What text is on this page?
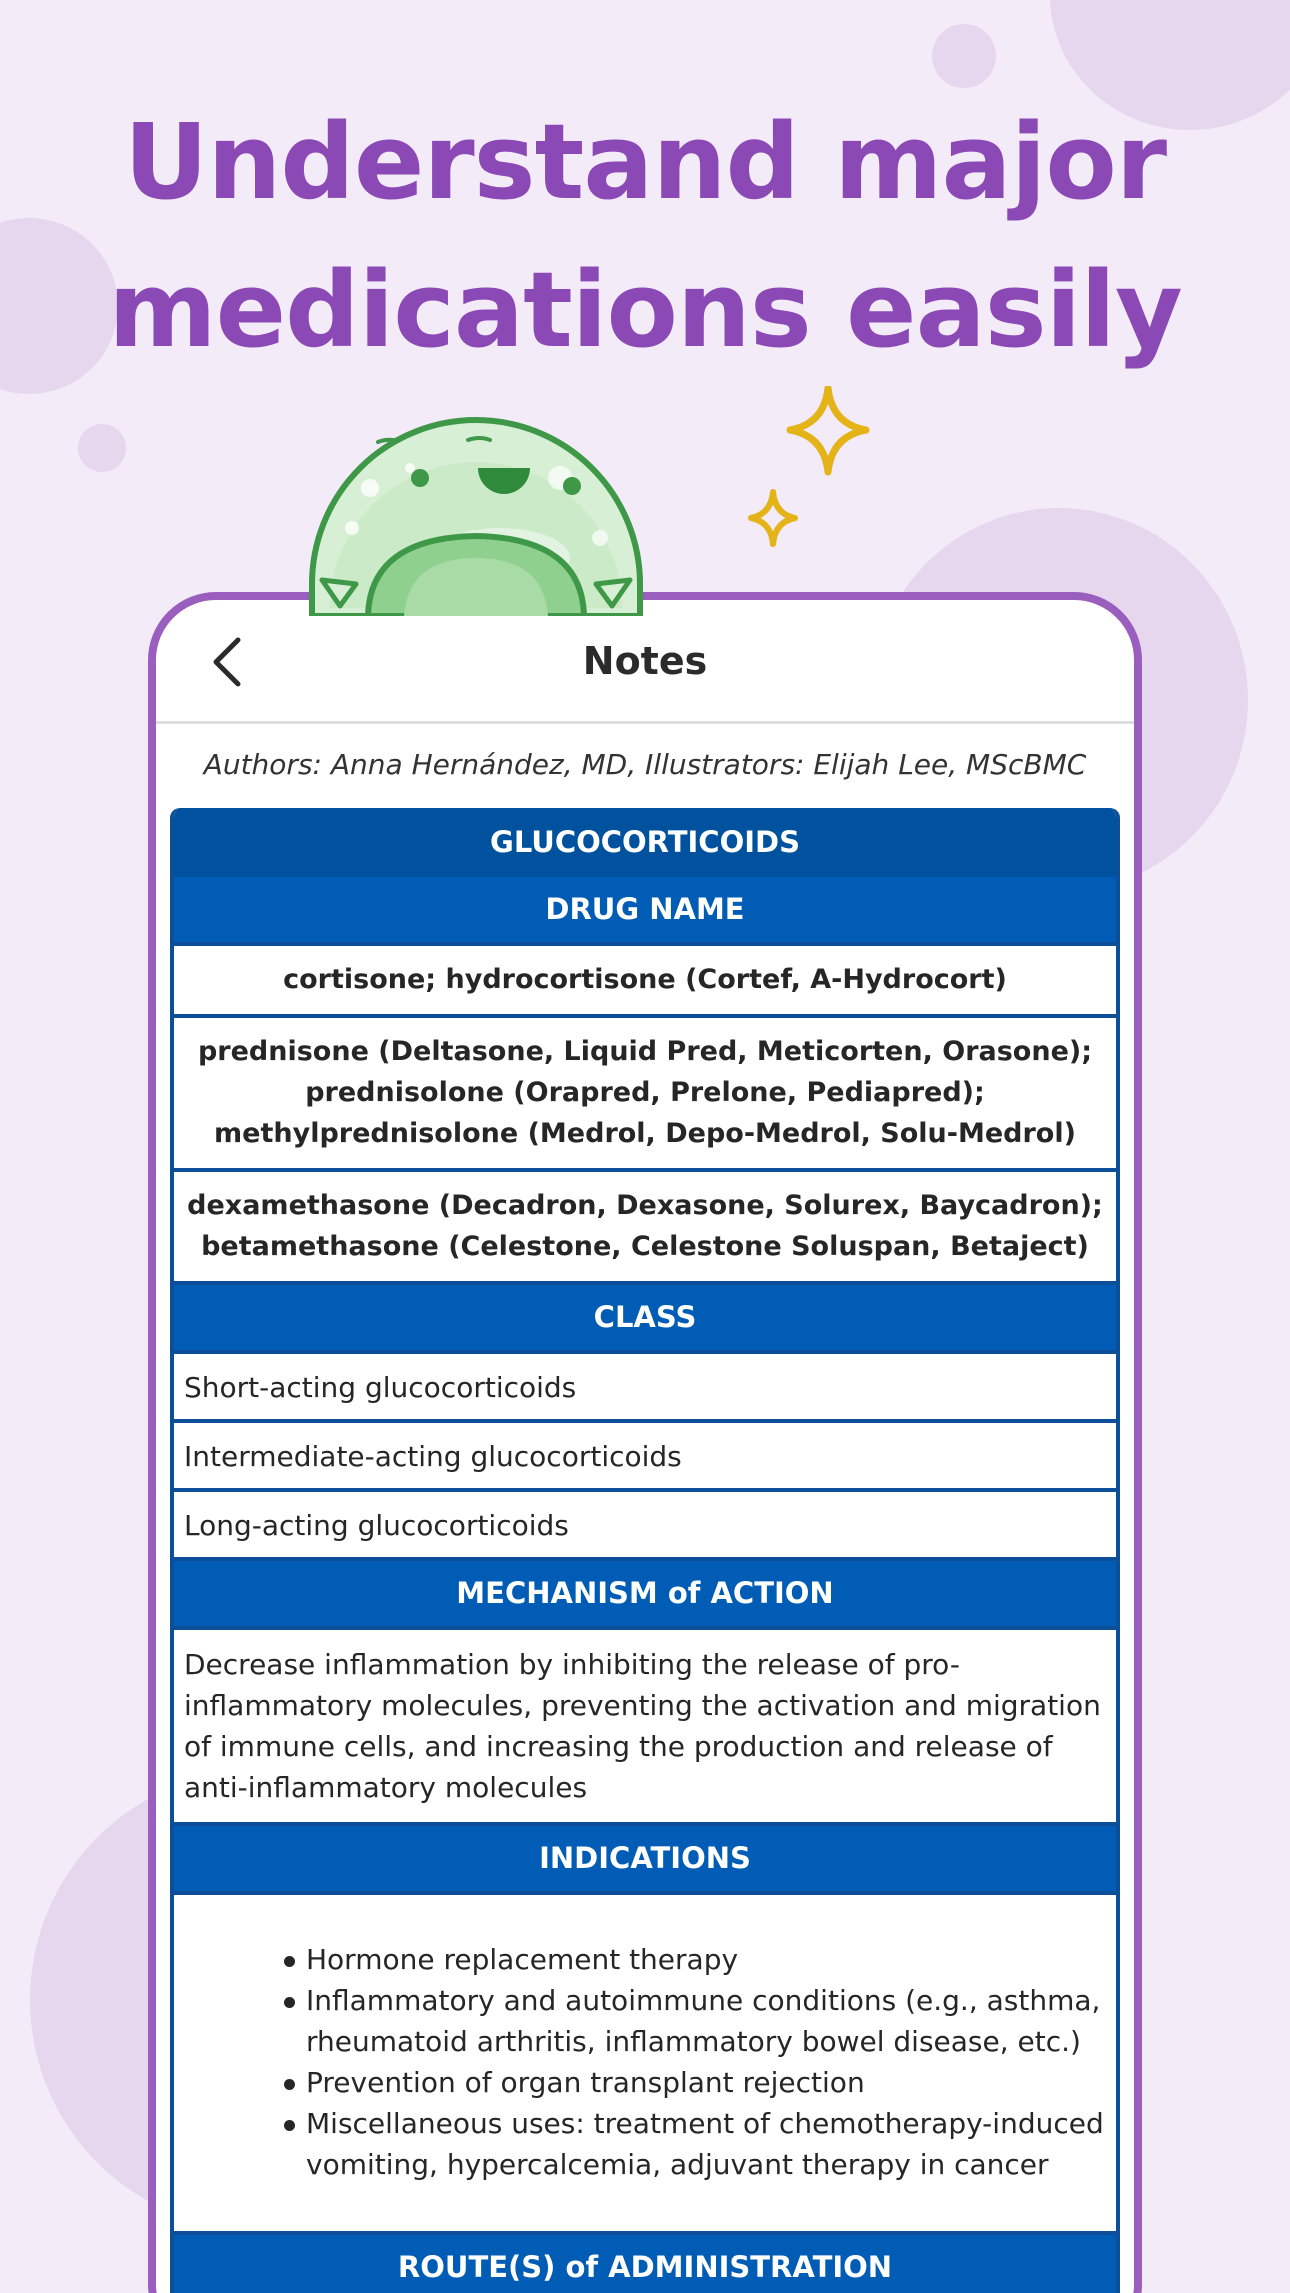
Understand major
medications easily
Notes
Authors: Anna Hernández, MD, Illustrators: Elijah Lee, MScBMC
GLUCOCORTICOIDS
DRUG NAME
cortisone; hydrocortisone (Cortef, A-Hydrocort)
prednisone (Deltasone, Liquid Pred, Meticorten, Orasone); prednisolone (Orapred, Prelone, Pediapred); methylprednisolone (Medrol, Depo-Medrol, Solu-Medrol)
dexamethasone (Decadron, Dexasone, Solurex, Baycadron); betamethasone (Celestone, Celestone Soluspan, Betaject)
CLASS
Short-acting glucocorticoids
Intermediate-acting glucocorticoids
Long-acting glucocorticoids
MECHANISM of ACTION
Decrease inflammation by inhibiting the release of pro-inflammatory molecules, preventing the activation and migration of immune cells, and increasing the production and release of anti-inflammatory molecules
INDICATIONS
Hormone replacement therapy
Inflammatory and autoimmune conditions (e.g., asthma, rheumatoid arthritis, inflammatory bowel disease, etc.)
Prevention of organ transplant rejection
Miscellaneous uses: treatment of chemotherapy-induced vomiting, hypercalcemia, adjuvant therapy in cancer
ROUTE(S) of ADMINISTRATION
